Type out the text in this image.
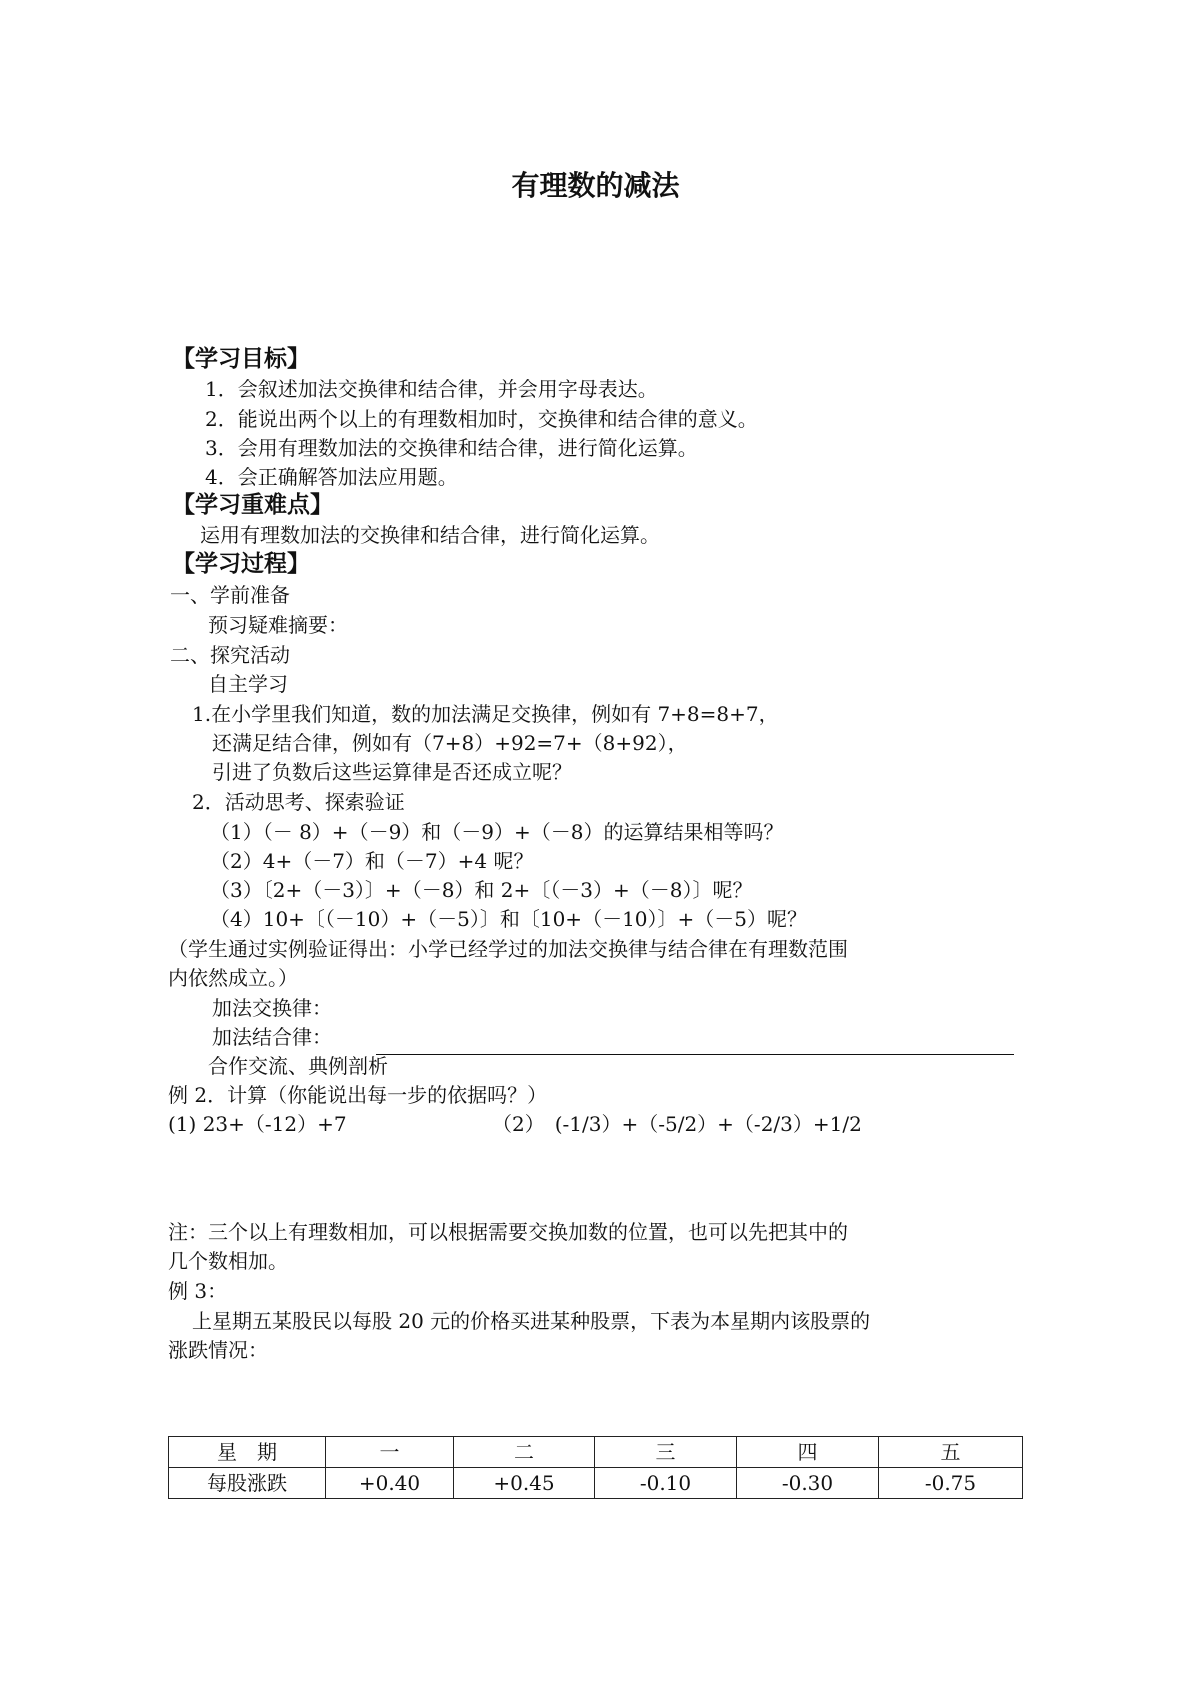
有理数的减法
【学习目标】
1．会叙述加法交换律和结合律，并会用字母表达。
2．能说出两个以上的有理数相加时，交换律和结合律的意义。
3．会用有理数加法的交换律和结合律，进行简化运算。
4．会正确解答加法应用题。
【学习重难点】
运用有理数加法的交换律和结合律，进行简化运算。
【学习过程】
一、学前准备
预习疑难摘要：
二、探究活动
自主学习
1.在小学里我们知道，数的加法满足交换律，例如有 7+8=8+7，
还满足结合律，例如有（7+8）+92=7+（8+92），
引进了负数后这些运算律是否还成立呢？
2．活动思考、探索验证
（1）（－ 8）+（－9）和（－9）+（－8）的运算结果相等吗？
（2）4+（－7）和（－7）+4 呢？
（3）〔2+（－3）〕+（－8）和 2+〔（－3）+（－8）〕呢？
（4）10+〔（－10）+（－5）〕和〔10+（－10）〕+（－5）呢？
（学生通过实例验证得出：小学已经学过的加法交换律与结合律在有理数范围
内依然成立。）
加法交换律：
加法结合律：
合作交流、典例剖析
例 2．计算（你能说出每一步的依据吗？）
(1) 23+（-12）+7	（2）　(-1/3）+（-5/2）+（-2/3）+1/2
注：三个以上有理数相加，可以根据需要交换加数的位置，也可以先把其中的
几个数相加。
例 3：
上星期五某股民以每股 20 元的价格买进某种股票，下表为本星期内该股票的
涨跌情况：
星　期	一	二	三	四	五
每股涨跌	+0.40	+0.45	-0.10	-0.30	-0.75
